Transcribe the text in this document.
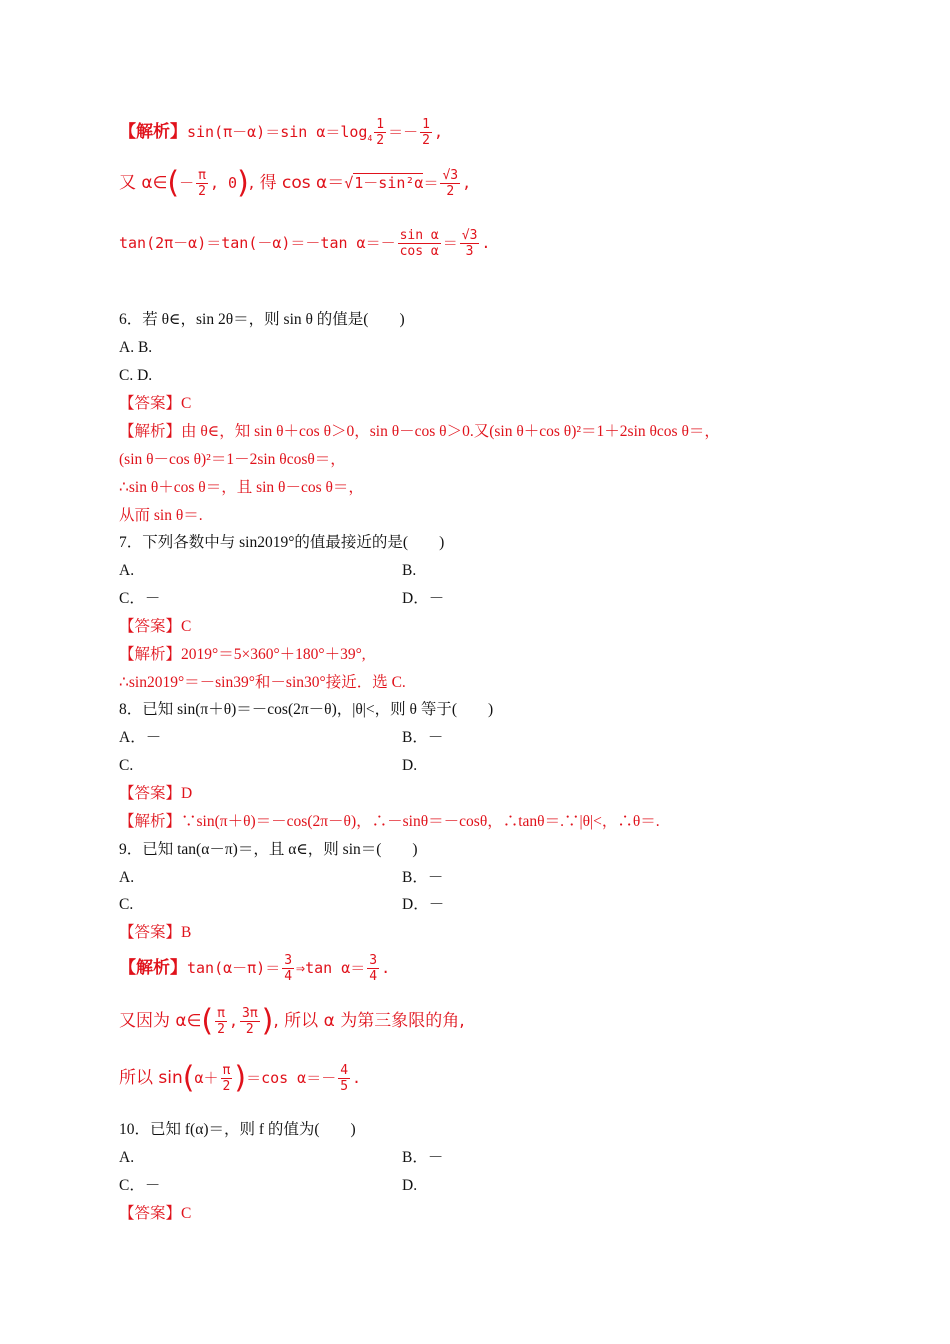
【解析】sin(π－α)＝sin $\alpha=\log_4 \frac{1}{2} =- \frac{1}{2}$ ,
又 α∈(－ $\frac{\pi}{2}$ , 0), 得 $\cos \alpha=√1-\sin^2\alpha= \frac{√3}{2}$ ,
tan(2π－α)＝tan(－α)＝－tan $\alpha=- \frac{\text{sin α}}{\text{cos α}} = \frac{√3}{3}$ .
6．若 θ∈，sin 2θ＝，则 sin θ 的值是(　　)
A. B.
C. D.
【答案】C
【解析】由 θ∈，知 sin θ＋cos θ＞0，sin θ－cos θ＞0.又(sin θ＋cos θ)²＝1＋2sin θcos θ＝，
(sin θ－cos θ)²＝1－2sin θcosθ＝，
∴sin θ＋cos θ＝，且 sin θ－cos θ＝，
从而 sin θ＝.
7．下列各数中与 sin2019°的值最接近的是(　　)
A.	B.
C．－	D．－
【答案】C
【解析】2019°＝5×360°＋180°＋39°,
∴sin2019°＝－sin39°和－sin30°接近．选 C.
8．已知 sin(π＋θ)＝－cos(2π－θ)，|θ|<，则 θ 等于(　　)
A．－	B．－
C.	D.
【答案】D
【解析】∵sin(π＋θ)＝－cos(2π－θ)，∴－sinθ＝－cosθ，∴tanθ＝.∵|θ|<，∴θ＝.
9．已知 tan(α－π)＝，且 α∈，则 sin＝(　　)
A.	B．－
C.	D．－
【答案】B
【解析】$\tan(\alpha-\pi)= \frac{3}{4}$ ⇒tan $\alpha= \frac{3}{4}$ .
又因为 α∈( $\frac{\pi}{2}$ , $\frac{3\pi}{2}$ ), 所以 α 为第三象限的角,
所以 $\sin(\alpha+ \frac{\pi}{2} )=\cos$ $\alpha=- \frac{4}{5}$ .
10．已知 f(α)＝，则 f 的值为(　　)
A.	B．－
C．－	D.
【答案】C
